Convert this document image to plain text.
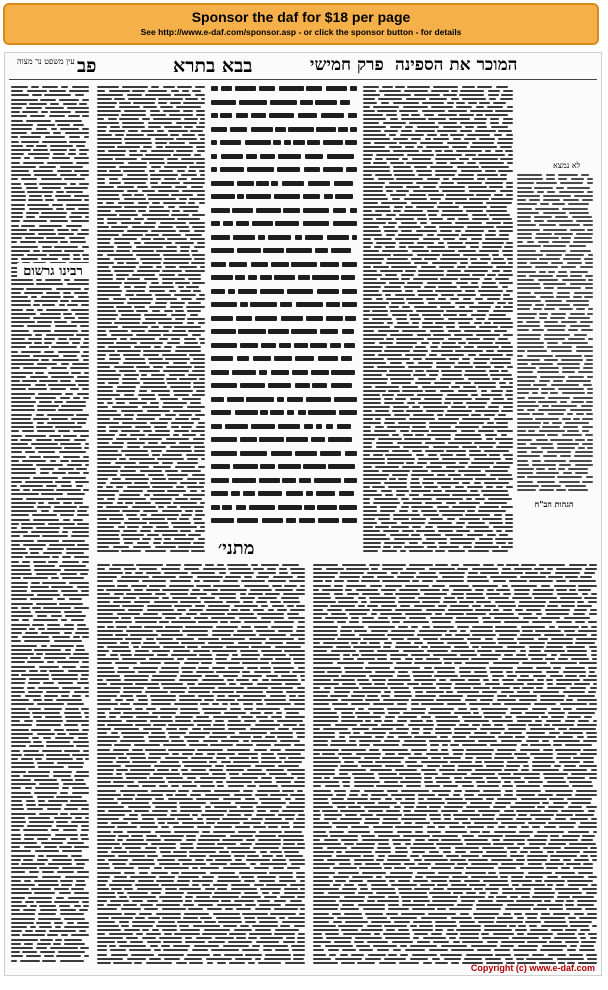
Sponsor the daf for $18 per page
See http://www.e-daf.com/sponsor.asp - or click the sponsor button - for details
עין משפט נר מצוה פב	בבא בתרא	פרק חמישי המוכר את הספינה
לא נמצא
רבינו גרשום
הגהות הב"ח
מתני׳
Copyright (c) www.e-daf.com
